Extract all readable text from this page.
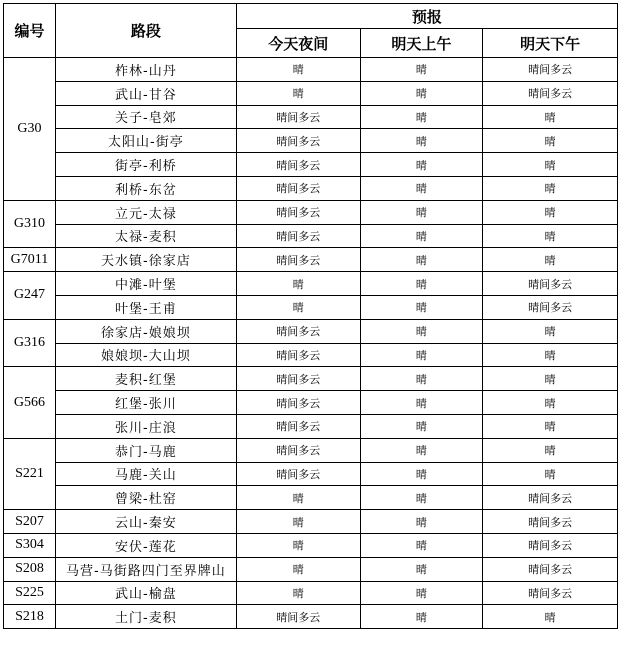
编号	路段	预报		
		今天夜间	明天上午	明天下午
G30	柞林-山丹	晴	晴	晴间多云
	武山-甘谷	晴	晴	晴间多云
	关子-皂郊	晴间多云	晴	晴
	太阳山-街亭	晴间多云	晴	晴
	街亭-利桥	晴间多云	晴	晴
	利桥-东岔	晴间多云	晴	晴
G310	立元-太禄	晴间多云	晴	晴
	太禄-麦积	晴间多云	晴	晴
G7011	天水镇-徐家店	晴间多云	晴	晴
G247	中滩-叶堡	晴	晴	晴间多云
	叶堡-王甫	晴	晴	晴间多云
G316	徐家店-娘娘坝	晴间多云	晴	晴
	娘娘坝-大山坝	晴间多云	晴	晴
G566	麦积-红堡	晴间多云	晴	晴
	红堡-张川	晴间多云	晴	晴
	张川-庄浪	晴间多云	晴	晴
S221	恭门-马鹿	晴间多云	晴	晴
	马鹿-关山	晴间多云	晴	晴
	曾梁-杜窑	晴	晴	晴间多云
S207	云山-秦安	晴	晴	晴间多云
S304	安伏-莲花	晴	晴	晴间多云
S208	马营-马街路四门至界牌山	晴	晴	晴间多云
S225	武山-榆盘	晴	晴	晴间多云
S218	土门-麦积	晴间多云	晴	晴
